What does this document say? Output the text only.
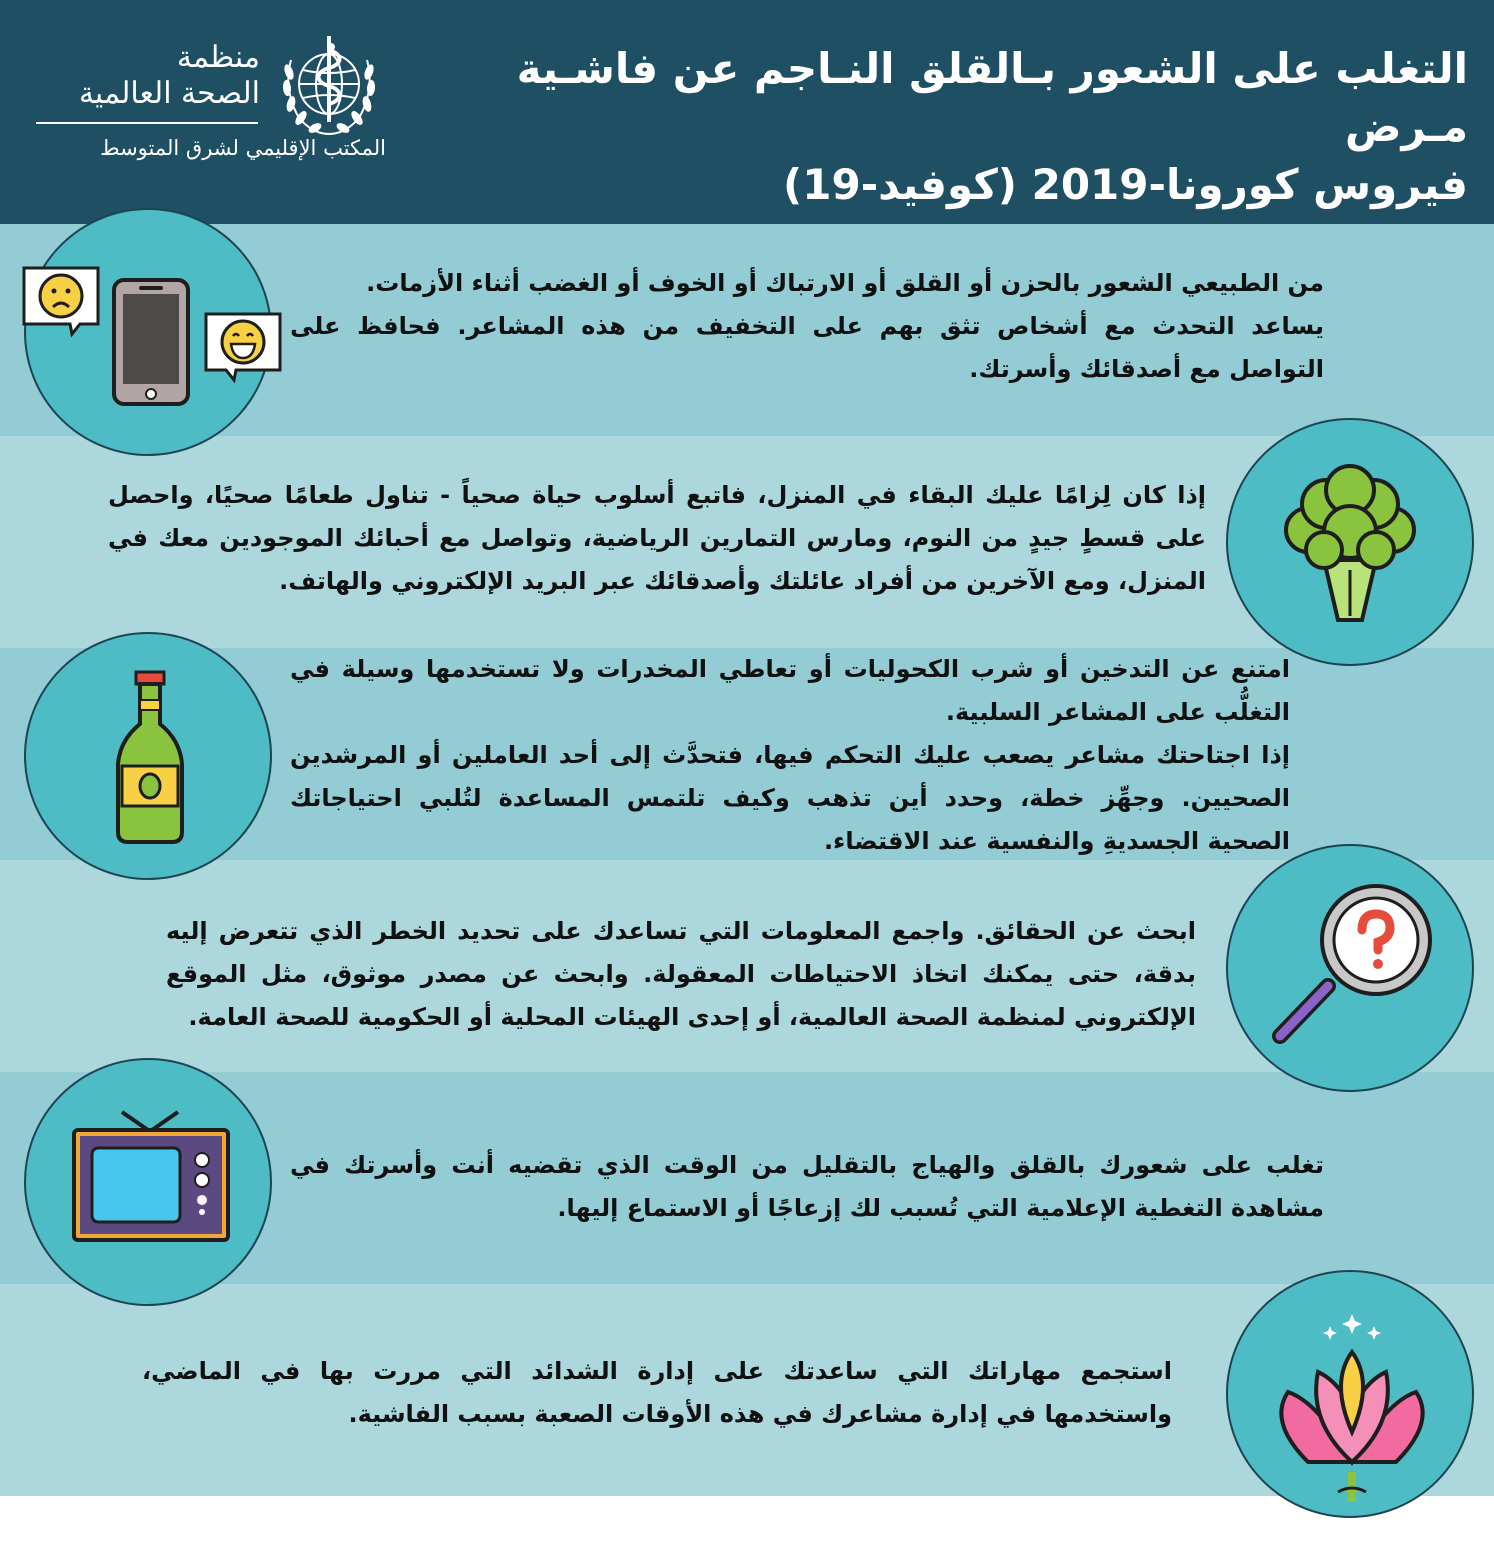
منظمة
الصحة العالمية
المكتب الإقليمي لشرق المتوسط
التغلب على الشعور بـالقلق النـاجم عن فاشـية مـرض
فيروس كورونا-2019 (كوفيد-19)

من الطبيعي الشعور بالحزن أو القلق أو الارتباك أو الخوف أو الغضب أثناء الأزمات.

يساعد التحدث مع أشخاص تثق بهم على التخفيف من هذه المشاعر. فحافظ على التواصل مع أصدقائك وأسرتك.

إذا كان لِزامًا عليك البقاء في المنزل، فاتبع أسلوب حياة صحياً - تناول طعامًا صحيًا، واحصل على قسطٍ جيدٍ من النوم، ومارس التمارين الرياضية، وتواصل مع أحبائك الموجودين معك في المنزل، ومع الآخرين من أفراد عائلتك وأصدقائك عبر البريد الإلكتروني والهاتف.

امتنع عن التدخين أو شرب الكحوليات أو تعاطي المخدرات ولا تستخدمها وسيلة في التغلُّب على المشاعر السلبية.

إذا اجتاحتك مشاعر يصعب عليك التحكم فيها، فتحدَّث إلى أحد العاملين أو المرشدين الصحيين. وجهِّز خطة، وحدد أين تذهب وكيف تلتمس المساعدة لتُلبي احتياجاتك الصحية الجسديةِ والنفسية عند الاقتضاء.

ابحث عن الحقائق. واجمع المعلومات التي تساعدك على تحديد الخطر الذي تتعرض إليه بدقة، حتى يمكنك اتخاذ الاحتياطات المعقولة. وابحث عن مصدر موثوق، مثل الموقع الإلكتروني لمنظمة الصحة العالمية، أو إحدى الهيئات المحلية أو الحكومية للصحة العامة.

تغلب على شعورك بالقلق والهياج بالتقليل من الوقت الذي تقضيه أنت وأسرتك في مشاهدة التغطية الإعلامية التي تُسبب لك إزعاجًا أو الاستماع إليها.

استجمع مهاراتك التي ساعدتك على إدارة الشدائد التي مررت بها في الماضي، واستخدمها في إدارة مشاعرك في هذه الأوقات الصعبة بسبب الفاشية.
